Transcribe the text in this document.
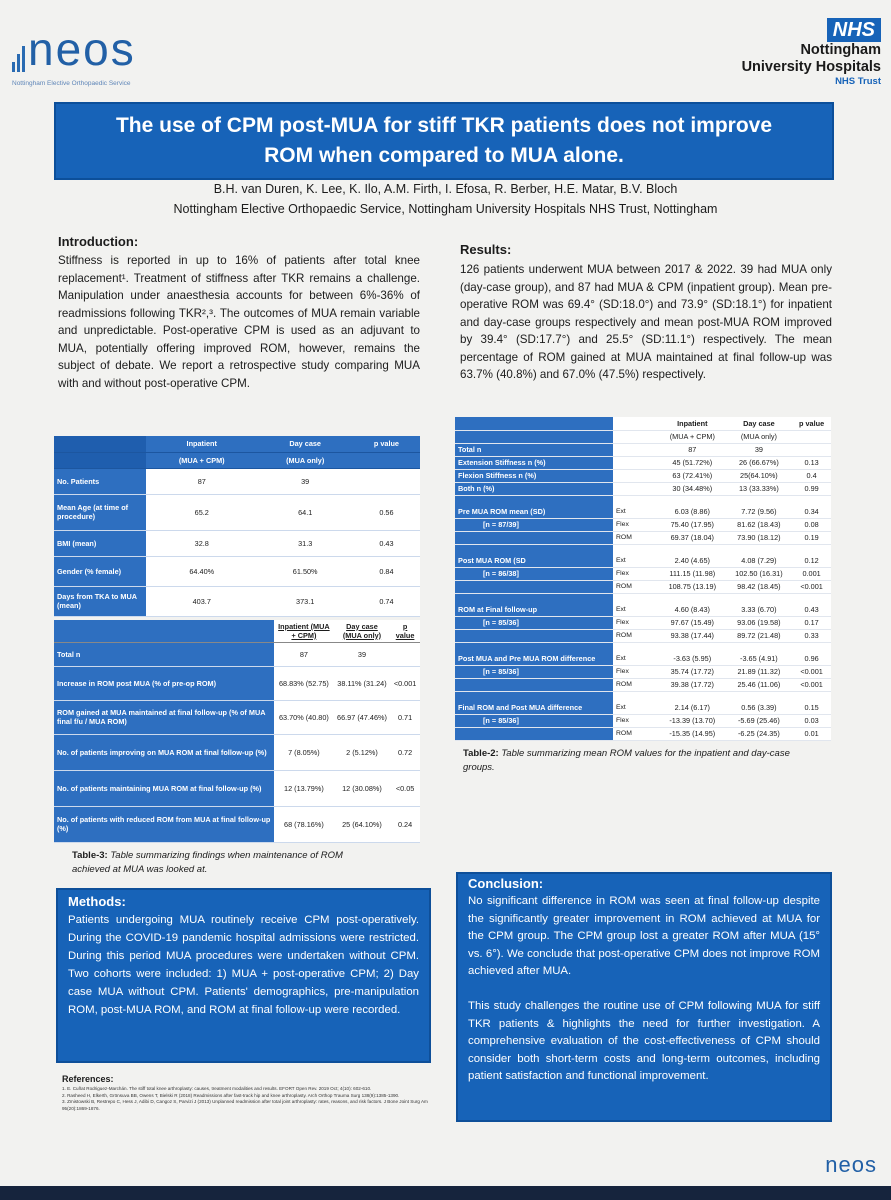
neos
Nottingham Elective Orthopaedic Service
NHS
Nottingham
University Hospitals
NHS Trust
The use of CPM post-MUA for stiff TKR patients does not improve ROM when compared to MUA alone.
B.H. van Duren, K. Lee, K. Ilo, A.M. Firth, I. Efosa, R. Berber, H.E. Matar, B.V. Bloch
Nottingham Elective Orthopaedic Service, Nottingham University Hospitals NHS Trust, Nottingham
Introduction:

Stiffness is reported in up to 16% of patients after total knee replacement¹. Treatment of stiffness after TKR remains a challenge. Manipulation under anaesthesia accounts for between 6%-36% of readmissions following TKR²,³. The outcomes of MUA remain variable and unpredictable. Post-operative CPM is used as an adjuvant to MUA, potentially offering improved ROM, however, remains the subject of debate. We report a retrospective study comparing MUA with and without post-operative CPM.

	Inpatient	Day case	p value
	(MUA + CPM)	(MUA only)	
No. Patients	87	39	
Mean Age (at time of procedure)	65.2	64.1	0.56
BMI (mean)	32.8	31.3	0.43
Gender (% female)	64.40%	61.50%	0.84
Days from TKA to MUA (mean)	403.7	373.1	0.74
	Inpatient (MUA + CPM)	Day case (MUA only)	p value
Total n	87	39	
Increase in ROM post MUA (% of pre-op ROM)	68.83% (52.75)	38.11% (31.24)	<0.001
ROM gained at MUA maintained at final follow-up (% of MUA final f/u / MUA ROM)	63.70% (40.80)	66.97 (47.46%)	0.71
No. of patients improving on MUA ROM at final follow-up (%)	7 (8.05%)	2 (5.12%)	0.72
No. of patients maintaining MUA ROM at final follow-up (%)	12 (13.79%)	12 (30.08%)	<0.05
No. of patients with reduced ROM from MUA at final follow-up (%)	68 (78.16%)	25 (64.10%)	0.24
Table-3: Table summarizing findings when maintenance of ROM achieved at MUA was looked at.
Results:

126 patients underwent MUA between 2017 & 2022. 39 had MUA only (day-case group), and 87 had MUA & CPM (inpatient group). Mean pre-operative ROM was 69.4° (SD:18.0°) and 73.9° (SD:18.1°) for inpatient and day-case groups respectively and mean post-MUA ROM improved by 39.4° (SD:17.7°) and 25.5° (SD:11.1°) respectively. The mean percentage of ROM gained at MUA maintained at final follow-up was 63.7% (40.8%) and 67.0% (47.5%) respectively.

		Inpatient	Day case	p value
		(MUA + CPM)	(MUA only)	
Total n		87	39	
Extension Stiffness n (%)		45 (51.72%)	26 (66.67%)	0.13
Flexion Stiffness n (%)		63 (72.41%)	25(64.10%)	0.4
Both n (%)		30 (34.48%)	13 (33.33%)	0.99

Pre MUA ROM mean (SD)	Ext	6.03 (8.86)	7.72 (9.56)	0.34
[n = 87/39]	Flex	75.40 (17.95)	81.62 (18.43)	0.08
	ROM	69.37 (18.04)	73.90 (18.12)	0.19

Post MUA ROM (SD	Ext	2.40 (4.65)	4.08 (7.29)	0.12
[n = 86/38]	Flex	111.15 (11.98)	102.50 (16.31)	0.001
	ROM	108.75 (13.19)	98.42 (18.45)	<0.001

ROM at Final follow-up	Ext	4.60 (8.43)	3.33 (6.70)	0.43
[n = 85/36]	Flex	97.67 (15.49)	93.06 (19.58)	0.17
	ROM	93.38 (17.44)	89.72 (21.48)	0.33

Post MUA and Pre MUA ROM difference	Ext	-3.63 (5.95)	-3.65 (4.91)	0.96
[n = 85/36]	Flex	35.74 (17.72)	21.89 (11.32)	<0.001
	ROM	39.38 (17.72)	25.46 (11.06)	<0.001

Final ROM and Post MUA difference	Ext	2.14 (6.17)	0.56 (3.39)	0.15
[n = 85/36]	Flex	-13.39 (13.70)	-5.69 (25.46)	0.03
	ROM	-15.35 (14.95)	-6.25 (24.35)	0.01
Table-2: Table summarizing mean ROM values for the inpatient and day-case groups.
Methods:

Patients undergoing MUA routinely receive CPM post-operatively. During the COVID-19 pandemic hospital admissions were restricted. During this period MUA procedures were undertaken without CPM. Two cohorts were included: 1) MUA + post-operative CPM; 2) Day case MUA without CPM. Patients' demographics, pre-manipulation ROM, post-MUA ROM, and ROM at final follow-up were recorded.

Conclusion:

No significant difference in ROM was seen at final follow-up despite the significantly greater improvement in ROM achieved at MUA for the CPM group. The CPM group lost a greater ROM after MUA (15° vs. 6°). We conclude that post-operative CPM does not improve ROM achieved after MUA.

This study challenges the routine use of CPM following MUA for stiff TKR patients & highlights the need for further investigation. A comprehensive evaluation of the cost-effectiveness of CPM should consider both short-term costs and long-term outcomes, including patient satisfaction and functional improvement.

References:

1. E. Cuñat Rodriguez-Marchán. The stiff total knee arthroplasty: causes, treatment modalities and results. EFORT Open Rev. 2019 Oct; 4(10): 602-610.

2. Rasheed H, Elkerth, Grönsuva BB, Owens T, Bielski R (2018) Readmissions after fast-track hip and knee arthroplasty. Arch Orthop Trauma Surg 138(9):1385-1390.

3. Zmistowski B, Restrepo C, Hess J, Adibi D, Cangoz S, Parvizi J (2013) Unplanned readmission after total joint arthroplasty: rates, reasons, and risk factors. J Bone Joint Surg Am 95(20):1869-1876.

neos
